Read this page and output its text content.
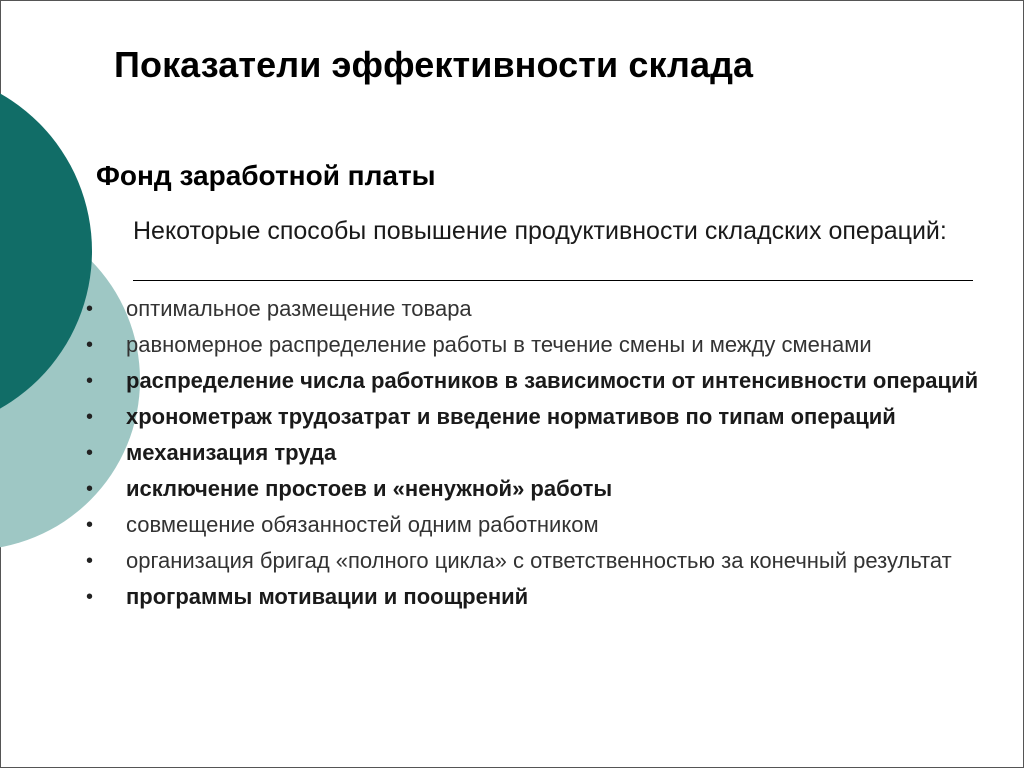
Показатели эффективности склада
Фонд заработной платы
Некоторые способы повышение продуктивности складских операций:
•	оптимальное размещение товара
•	равномерное распределение работы в течение смены и между сменами
•	распределение числа работников в зависимости от интенсивности операций
•	хронометраж трудозатрат и введение нормативов по типам операций
•	механизация труда
•	исключение простоев и «ненужной» работы
•	совмещение обязанностей одним работником
•	организация бригад «полного цикла» с ответственностью за конечный результат
•	программы мотивации и поощрений
